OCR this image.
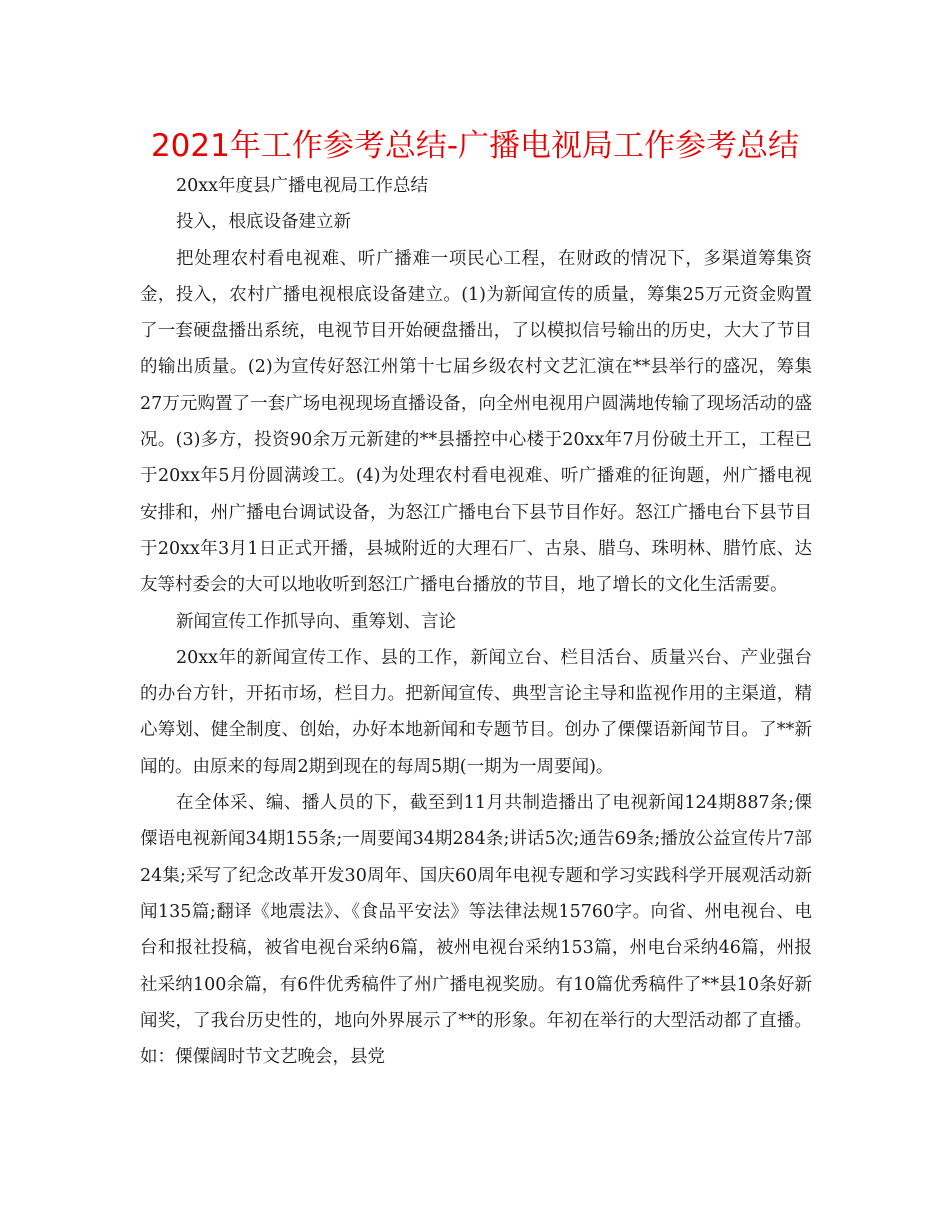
2021年工作参考总结-广播电视局工作参考总结

20xx年度县广播电视局工作总结

投入，根底设备建立新

把处理农村看电视难、听广播难一项民心工程，在财政的情况下，多渠道筹集资金，投入，农村广播电视根底设备建立。(1)为新闻宣传的质量，筹集25万元资金购置了一套硬盘播出系统，电视节目开始硬盘播出，了以模拟信号输出的历史，大大了节目的输出质量。(2)为宣传好怒江州第十七届乡级农村文艺汇演在**县举行的盛况，筹集27万元购置了一套广场电视现场直播设备，向全州电视用户圆满地传输了现场活动的盛况。(3)多方，投资90余万元新建的**县播控中心楼于20xx年7月份破土开工，工程已于20xx年5月份圆满竣工。(4)为处理农村看电视难、听广播难的征询题，州广播电视安排和，州广播电台调试设备，为怒江广播电台下县节目作好。怒江广播电台下县节目于20xx年3月1日正式开播，县城附近的大理石厂、古泉、腊乌、珠明林、腊竹底、达友等村委会的大可以地收听到怒江广播电台播放的节目，地了增长的文化生活需要。

新闻宣传工作抓导向、重筹划、言论

20xx年的新闻宣传工作、县的工作，新闻立台、栏目活台、质量兴台、产业强台的办台方针，开拓市场，栏目力。把新闻宣传、典型言论主导和监视作用的主渠道，精心筹划、健全制度、创始，办好本地新闻和专题节目。创办了傈僳语新闻节目。了**新闻的。由原来的每周2期到现在的每周5期(一期为一周要闻)。

在全体采、编、播人员的下，截至到11月共制造播出了电视新闻124期887条;傈僳语电视新闻34期155条;一周要闻34期284条;讲话5次;通告69条;播放公益宣传片7部24集;采写了纪念改革开发30周年、国庆60周年电视专题和学习实践科学开展观活动新闻135篇;翻译《地震法》、《食品平安法》等法律法规15760字。向省、州电视台、电台和报社投稿，被省电视台采纳6篇，被州电视台采纳153篇，州电台采纳46篇，州报社采纳100余篇，有6件优秀稿件了州广播电视奖励。有10篇优秀稿件了**县10条好新闻奖，了我台历史性的，地向外界展示了**的形象。年初在举行的大型活动都了直播。如：傈僳阔时节文艺晚会，县党
